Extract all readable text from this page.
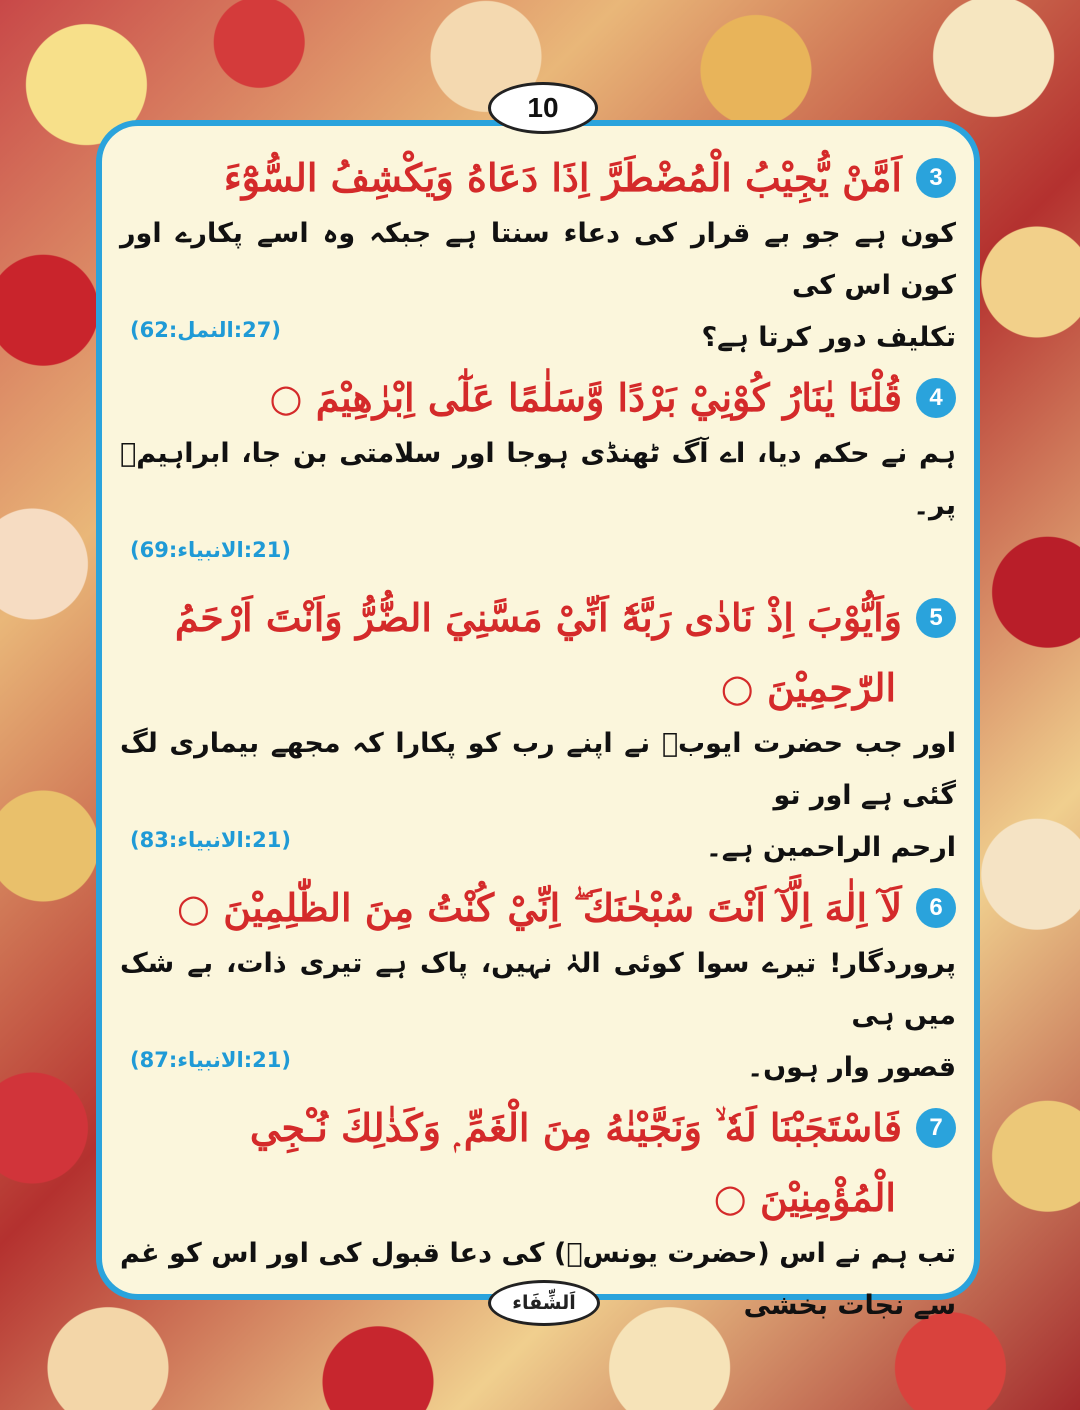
10
3
اَمَّنْ يُّجِيْبُ الْمُضْطَرَّ اِذَا دَعَاهُ وَيَكْشِفُ السُّوْٓءَ
کون ہے جو بے قرار کی دعاء سنتا ہے جبکہ وہ اسے پکارے اور کون اس کی
تکلیف دور کرتا ہے؟
(27:النمل:62)
4
قُلْنَا يٰنَارُ كُوْنِيْ بَرْدًا وَّسَلٰمًا عَلٰٓى اِبْرٰهِيْمَ ○
ہم نے حکم دیا، اے آگ ٹھنڈی ہوجا اور سلامتی بن جا، ابراہیمؑ پر۔
(21:الانبیاء:69)
5
وَاَيُّوْبَ اِذْ نَادٰى رَبَّهٗٓ اَنِّيْ مَسَّنِيَ الضُّرُّ وَاَنْتَ اَرْحَمُ
الرّٰحِمِيْنَ ○
اور جب حضرت ایوبؑ نے اپنے رب کو پکارا کہ مجھے بیماری لگ گئی ہے اور تو
ارحم الراحمین ہے۔
(21:الانبیاء:83)
6
لَآ اِلٰهَ اِلَّآ اَنْتَ سُبْحٰنَكَ ۖ اِنِّيْ كُنْتُ مِنَ الظّٰلِمِيْنَ ○
پروردگار! تیرے سوا کوئی الہٰ نہیں، پاک ہے تیری ذات، بے شک میں ہی
قصور وار ہوں۔
(21:الانبیاء:87)
7
فَاسْتَجَبْنَا لَهٗ ۙ وَنَجَّيْنٰهُ مِنَ الْغَمِّ ۭ وَكَذٰلِكَ نُـْجِي
الْمُؤْمِنِيْنَ ○
تب ہم نے اس (حضرت یونسؑ) کی دعا قبول کی اور اس کو غم سے نجات بخشی
اَلشِّفَاء
